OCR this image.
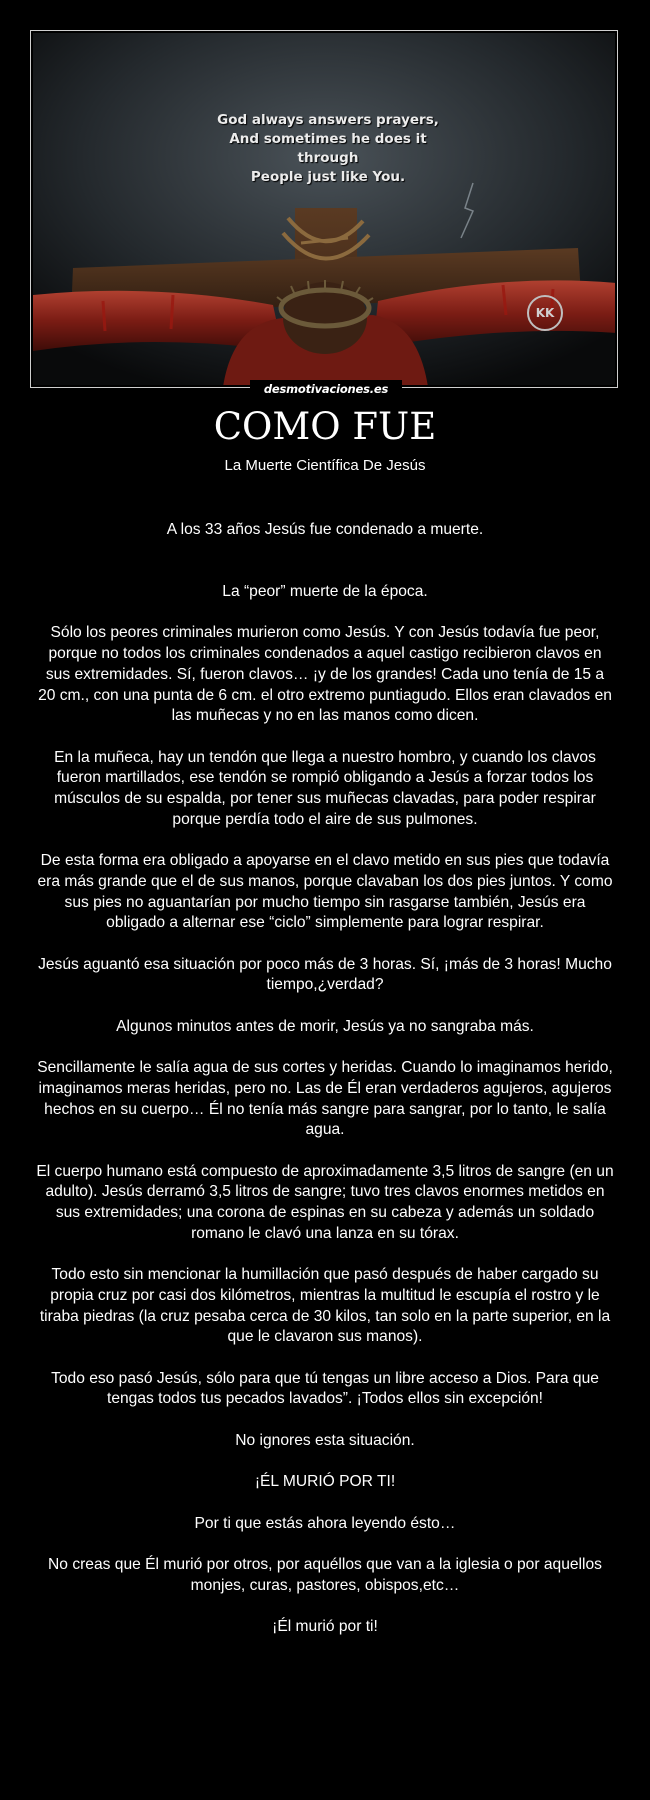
God always answers prayers,
And sometimes he does it through
People just like You.
KK
desmotivaciones.es
COMO FUE
La Muerte Científica De Jesús

A los 33 años Jesús fue condenado a muerte.

La “peor” muerte de la época.

Sólo los peores criminales murieron como Jesús. Y con Jesús todavía fue peor, porque no todos los criminales condenados a aquel castigo recibieron clavos en sus extremidades. Sí, fueron clavos… ¡y de los grandes! Cada uno tenía de 15 a 20 cm., con una punta de 6 cm. el otro extremo puntiagudo. Ellos eran clavados en las muñecas y no en las manos como dicen.

En la muñeca, hay un tendón que llega a nuestro hombro, y cuando los clavos fueron martillados, ese tendón se rompió obligando a Jesús a forzar todos los músculos de su espalda, por tener sus muñecas clavadas, para poder respirar porque perdía todo el aire de sus pulmones.

De esta forma era obligado a apoyarse en el clavo metido en sus pies que todavía era más grande que el de sus manos, porque clavaban los dos pies juntos. Y como sus pies no aguantarían por mucho tiempo sin rasgarse también, Jesús era obligado a alternar ese “ciclo” simplemente para lograr respirar.

Jesús aguantó esa situación por poco más de 3 horas. Sí, ¡más de 3 horas! Mucho tiempo,¿verdad?

Algunos minutos antes de morir, Jesús ya no sangraba más.

Sencillamente le salía agua de sus cortes y heridas. Cuando lo imaginamos herido, imaginamos meras heridas, pero no. Las de Él eran verdaderos agujeros, agujeros hechos en su cuerpo… Él no tenía más sangre para sangrar, por lo tanto, le salía agua.

El cuerpo humano está compuesto de aproximadamente 3,5 litros de sangre (en un adulto). Jesús derramó 3,5 litros de sangre; tuvo tres clavos enormes metidos en sus extremidades; una corona de espinas en su cabeza y además un soldado romano le clavó una lanza en su tórax.

Todo esto sin mencionar la humillación que pasó después de haber cargado su propia cruz por casi dos kilómetros, mientras la multitud le escupía el rostro y le tiraba piedras (la cruz pesaba cerca de 30 kilos, tan solo en la parte superior, en la que le clavaron sus manos).

Todo eso pasó Jesús, sólo para que tú tengas un libre acceso a Dios. Para que tengas todos tus pecados lavados”. ¡Todos ellos sin excepción!

No ignores esta situación.

¡ÉL MURIÓ POR TI!

Por ti que estás ahora leyendo ésto…

No creas que Él murió por otros, por aquéllos que van a la iglesia o por aquellos monjes, curas, pastores, obispos,etc…

¡Él murió por ti!
